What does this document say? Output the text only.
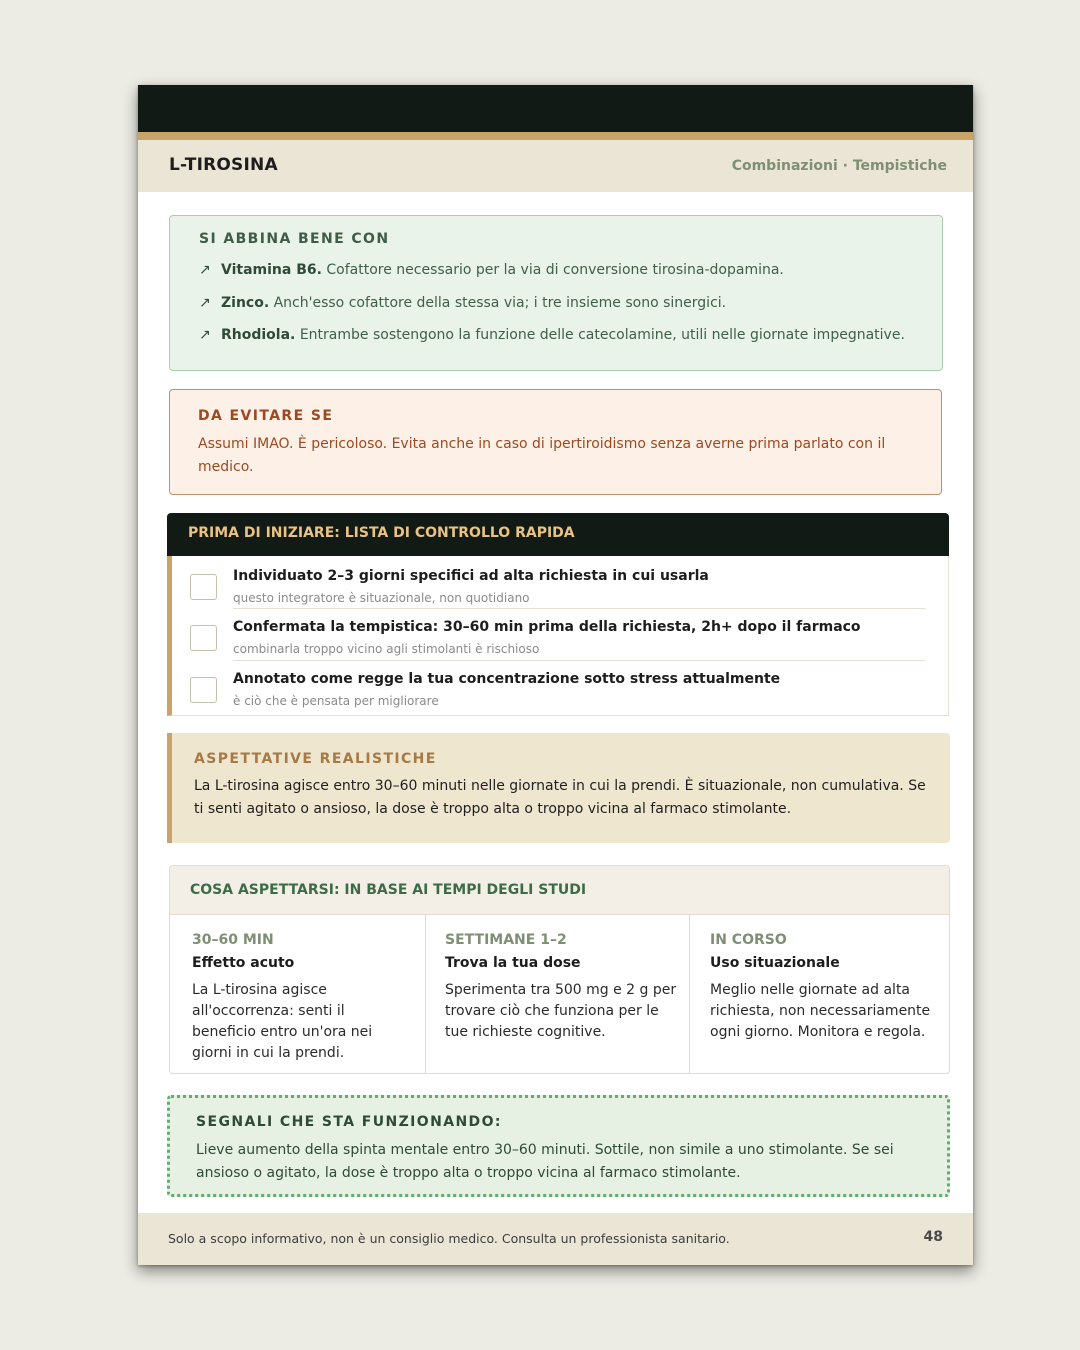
L-TIROSINA	Combinazioni · Tempistiche
SI ABBINA BENE CON
↗ Vitamina B6. Cofattore necessario per la via di conversione tirosina-dopamina.
↗ Zinco. Anch'esso cofattore della stessa via; i tre insieme sono sinergici.
↗ Rhodiola. Entrambe sostengono la funzione delle catecolamine, utili nelle giornate impegnative.
DA EVITARE SE
Assumi IMAO. È pericoloso. Evita anche in caso di ipertiroidismo senza averne prima parlato con il medico.
PRIMA DI INIZIARE: LISTA DI CONTROLLO RAPIDA
Individuato 2–3 giorni specifici ad alta richiesta in cui usarla
questo integratore è situazionale, non quotidiano
Confermata la tempistica: 30–60 min prima della richiesta, 2h+ dopo il farmaco
combinarla troppo vicino agli stimolanti è rischioso
Annotato come regge la tua concentrazione sotto stress attualmente
è ciò che è pensata per migliorare
ASPETTATIVE REALISTICHE
La L-tirosina agisce entro 30–60 minuti nelle giornate in cui la prendi. È situazionale, non cumulativa. Se ti senti agitato o ansioso, la dose è troppo alta o troppo vicina al farmaco stimolante.
COSA ASPETTARSI: IN BASE AI TEMPI DEGLI STUDI
30–60 MIN
Effetto acuto
La L-tirosina agisce all'occorrenza: senti il beneficio entro un'ora nei giorni in cui la prendi.
SETTIMANE 1–2
Trova la tua dose
Sperimenta tra 500 mg e 2 g per trovare ciò che funziona per le tue richieste cognitive.
IN CORSO
Uso situazionale
Meglio nelle giornate ad alta richiesta, non necessariamente ogni giorno. Monitora e regola.
SEGNALI CHE STA FUNZIONANDO:
Lieve aumento della spinta mentale entro 30–60 minuti. Sottile, non simile a uno stimolante. Se sei ansioso o agitato, la dose è troppo alta o troppo vicina al farmaco stimolante.
Solo a scopo informativo, non è un consiglio medico. Consulta un professionista sanitario.	48
